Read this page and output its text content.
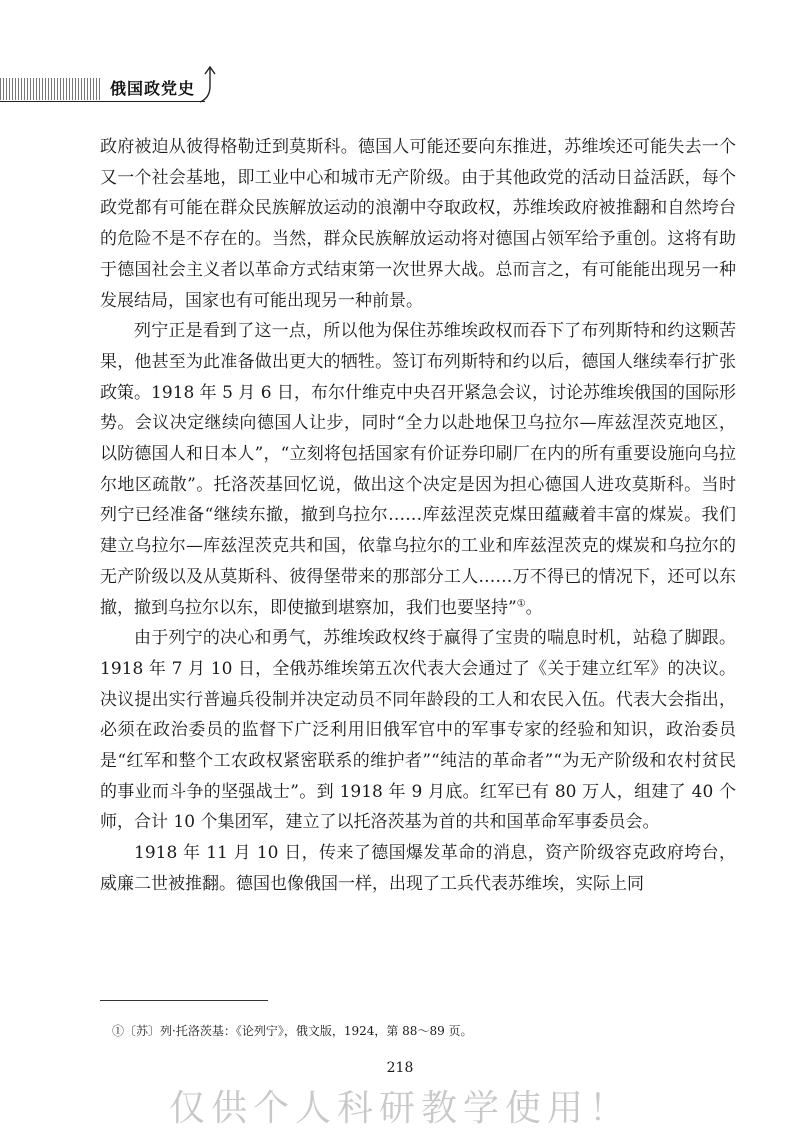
俄国政党史

政府被迫从彼得格勒迁到莫斯科。德国人可能还要向东推进，苏维埃还可能失去一个又一个社会基地，即工业中心和城市无产阶级。由于其他政党的活动日益活跃，每个政党都有可能在群众民族解放运动的浪潮中夺取政权，苏维埃政府被推翻和自然垮台的危险不是不存在的。当然，群众民族解放运动将对德国占领军给予重创。这将有助于德国社会主义者以革命方式结束第一次世界大战。总而言之，有可能能出现另一种发展结局，国家也有可能出现另一种前景。

列宁正是看到了这一点，所以他为保住苏维埃政权而吞下了布列斯特和约这颗苦果，他甚至为此准备做出更大的牺牲。签订布列斯特和约以后，德国人继续奉行扩张政策。1918 年 5 月 6 日，布尔什维克中央召开紧急会议，讨论苏维埃俄国的国际形势。会议决定继续向德国人让步，同时“全力以赴地保卫乌拉尔—库兹涅茨克地区，以防德国人和日本人”，“立刻将包括国家有价证券印刷厂在内的所有重要设施向乌拉尔地区疏散”。托洛茨基回忆说，做出这个决定是因为担心德国人进攻莫斯科。当时列宁已经准备“继续东撤，撤到乌拉尔……库兹涅茨克煤田蕴藏着丰富的煤炭。我们建立乌拉尔—库兹涅茨克共和国，依靠乌拉尔的工业和库兹涅茨克的煤炭和乌拉尔的无产阶级以及从莫斯科、彼得堡带来的那部分工人……万不得已的情况下，还可以东撤，撤到乌拉尔以东，即使撤到堪察加，我们也要坚持”①。

由于列宁的决心和勇气，苏维埃政权终于赢得了宝贵的喘息时机，站稳了脚跟。1918 年 7 月 10 日，全俄苏维埃第五次代表大会通过了《关于建立红军》的决议。决议提出实行普遍兵役制并决定动员不同年龄段的工人和农民入伍。代表大会指出，必须在政治委员的监督下广泛利用旧俄军官中的军事专家的经验和知识，政治委员是“红军和整个工农政权紧密联系的维护者”“纯洁的革命者”“为无产阶级和农村贫民的事业而斗争的坚强战士”。到 1918 年 9 月底。红军已有 80 万人，组建了 40 个师，合计 10 个集团军，建立了以托洛茨基为首的共和国革命军事委员会。

1918 年 11 月 10 日，传来了德国爆发革命的消息，资产阶级容克政府垮台，威廉二世被推翻。德国也像俄国一样，出现了工兵代表苏维埃，实际上同

①〔苏〕列·托洛茨基：《论列宁》，俄文版，1924，第 88～89 页。
218
仅供个人科研教学使用！
